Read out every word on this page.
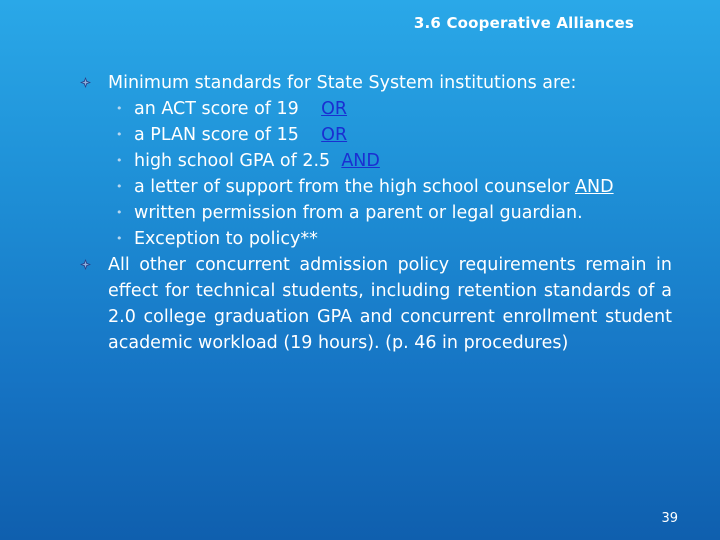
3.6 Cooperative Alliances
Minimum standards for State System institutions are:
• an ACT score of 19 OR
• a PLAN score of 15 OR
• high school GPA of 2.5 AND
• a letter of support from the high school counselor AND
• written permission from a parent or legal guardian.
• Exception to policy**
All other concurrent admission policy requirements remain in effect for technical students, including retention standards of a 2.0 college graduation GPA and concurrent enrollment student academic workload (19 hours). (p. 46 in procedures)
39
